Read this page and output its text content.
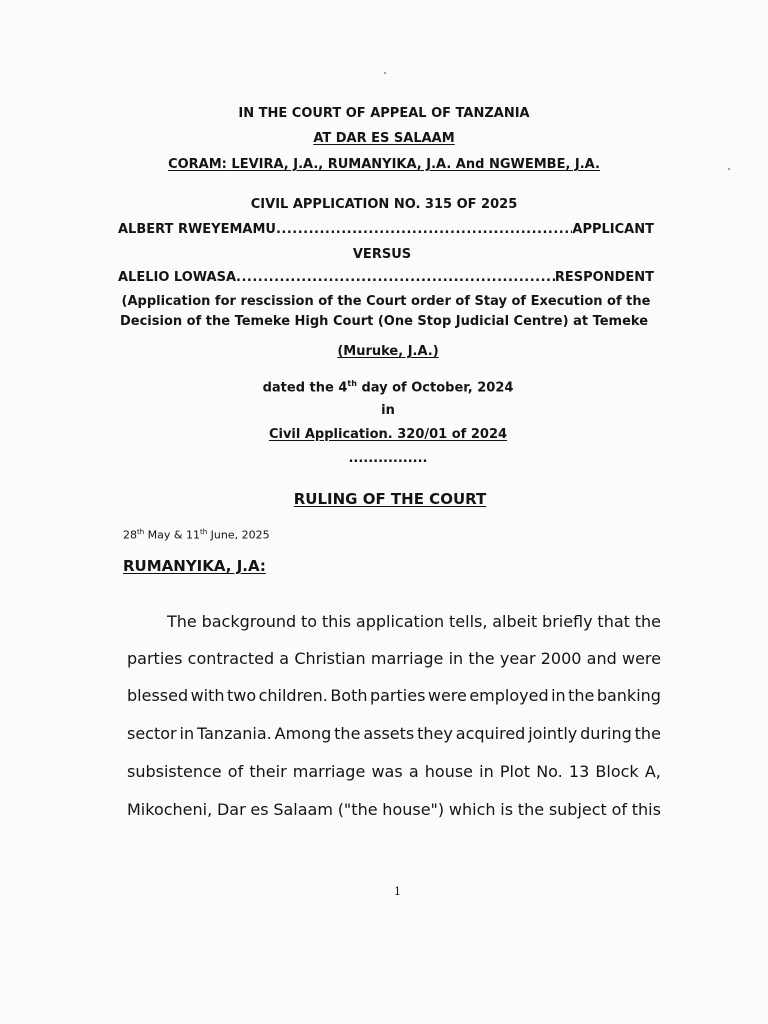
IN THE COURT OF APPEAL OF TANZANIA
AT DAR ES SALAAM
CORAM: LEVIRA, J.A., RUMANYIKA, J.A. And NGWEMBE, J.A.
CIVIL APPLICATION NO. 315 OF 2025
ALBERT RWEYEMAMU .....	APPLICANT
VERSUS
ALELIO LOWASA .....	RESPONDENT
(Application for rescission of the Court order of Stay of Execution of the
Decision of the Temeke High Court (One Stop Judicial Centre) at Temeke
(Muruke, J.A.)
dated the 4th day of October, 2024
in
Civil Application. 320/01 of 2024
................
RULING OF THE COURT
28th May & 11th June, 2025
RUMANYIKA, J.A:
The background to this application tells, albeit briefly that the
parties contracted a Christian marriage in the year 2000 and were
blessed with two children. Both parties were employed in the banking
sector in Tanzania. Among the assets they acquired jointly during the
subsistence of their marriage was a house in Plot No. 13 Block A,
Mikocheni, Dar es Salaam ("the house") which is the subject of this
1
